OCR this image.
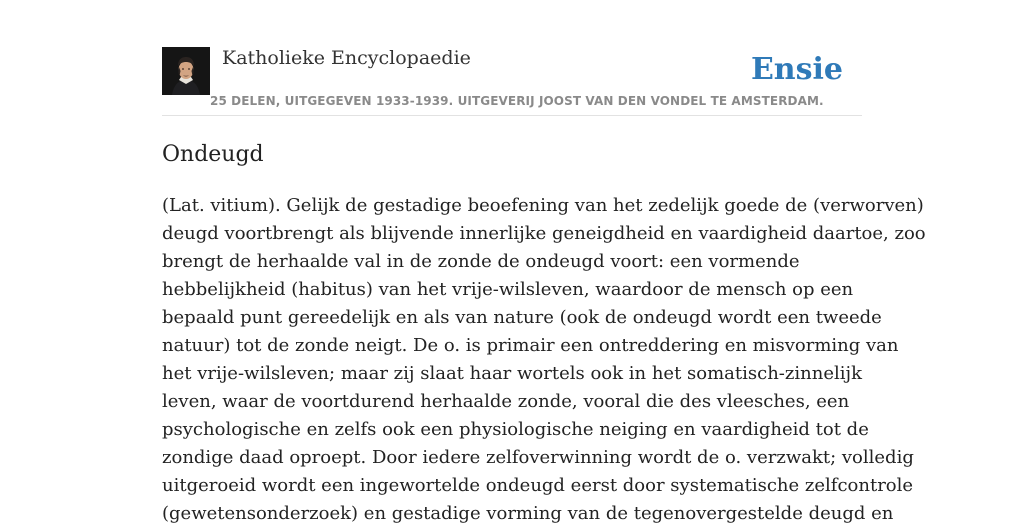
Katholieke Encyclopaedie	Ensie
25 DELEN, UITGEGEVEN 1933-1939. UITGEVERIJ JOOST VAN DEN VONDEL TE AMSTERDAM.
Ondeugd

(Lat. vitium). Gelijk de gestadige beoefening van het zedelijk goede de (verworven)
deugd voortbrengt als blijvende innerlijke geneigdheid en vaardigheid daartoe, zoo
brengt de herhaalde val in de zonde de ondeugd voort: een vormende
hebbelijkheid (habitus) van het vrije-wilsleven, waardoor de mensch op een
bepaald punt gereedelijk en als van nature (ook de ondeugd wordt een tweede
natuur) tot de zonde neigt. De o. is primair een ontreddering en misvorming van
het vrije-wilsleven; maar zij slaat haar wortels ook in het somatisch-zinnelijk
leven, waar de voortdurend herhaalde zonde, vooral die des vleesches, een
psychologische en zelfs ook een physiologische neiging en vaardigheid tot de
zondige daad oproept. Door iedere zelfoverwinning wordt de o. verzwakt; volledig
uitgeroeid wordt een ingewortelde ondeugd eerst door systematische zelfcontrole
(gewetensonderzoek) en gestadige vorming van de tegenovergestelde deugd en
